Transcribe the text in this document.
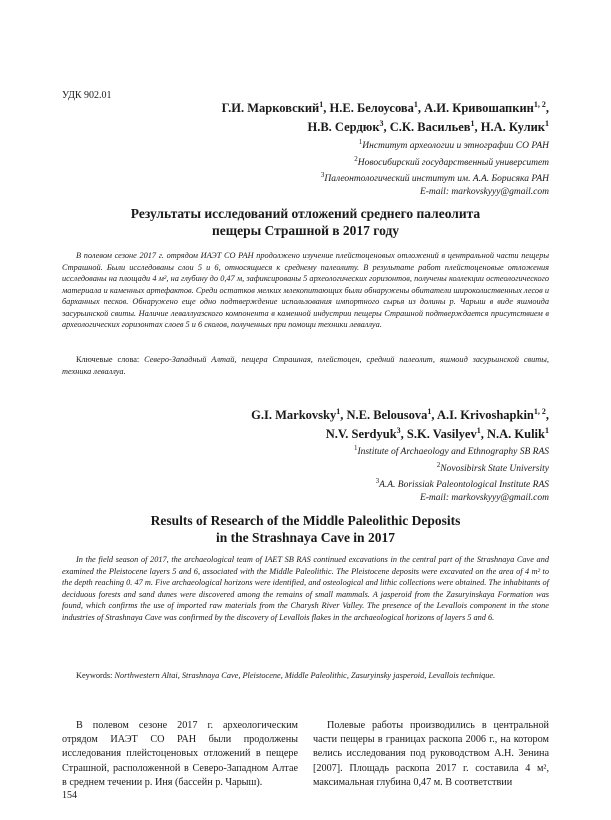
УДК 902.01
Г.И. Марковский$^1$, Н.Е. Белоусова$^1$, А.И. Кривошапкин$^{1, 2}$,
Н.В. Сердюк$^3$, С.К. Васильев$^1$, Н.А. Кулик$^1$
$^1$Институт археологии и этнографии СО РАН
$^2$Новосибирский государственный университет
$^3$Палеонтологический институт им. А.А. Борисяка РАН
E-mail: markovskyyy@gmail.com
Результаты исследований отложений среднего палеолита
пещеры Страшной в 2017 году

В полевом сезоне 2017 г. отрядом ИАЭТ СО РАН продолжено изучение плейстоценовых отложений в центральной части пещеры Страшной. Были исследованы слои 5 и 6, относящиеся к среднему палеолиту. В результате работ плейстоценовые отложения исследованы на площади 4 м², на глубину до 0,47 м, зафиксированы 5 археологических горизонтов, получены коллекции остеологического материала и каменных артефактов. Среди остатков мелких млекопитающих были обнаружены обитатели широколиственных лесов и барханных песков. Обнаружено еще одно подтверждение использования импортного сырья из долины р. Чарыш в виде яшмоида засурьинской свиты. Наличие леваллуазского компонента в каменной индустрии пещеры Страшной подтверждается присутствием в археологических горизонтах слоев 5 и 6 сколов, полученных при помощи техники леваллуа.

Ключевые слова: Северо-Западный Алтай, пещера Страшная, плейстоцен, средний палеолит, яшмоид засурьинской свиты, техника леваллуа.
G.I. Markovsky$^1$, N.E. Belousova$^1$, A.I. Krivoshapkin$^{1, 2}$,
N.V. Serdyuk$^3$, S.K. Vasilyev$^1$, N.A. Kulik$^1$
$^1$Institute of Archaeology and Ethnography SB RAS
$^2$Novosibirsk State University
$^3$A.A. Borissiak Paleontological Institute RAS
E-mail: markovskyyy@gmail.com
Results of Research of the Middle Paleolithic Deposits
in the Strashnaya Cave in 2017

In the field season of 2017, the archaeological team of IAET SB RAS continued excavations in the central part of the Strashnaya Cave and examined the Pleistocene layers 5 and 6, associated with the Middle Paleolithic. The Pleistocene deposits were excavated on the area of 4 m² to the depth reaching 0. 47 m. Five archaeological horizons were identified, and osteological and lithic collections were obtained. The inhabitants of deciduous forests and sand dunes were discovered among the remains of small mammals. A jasperoid from the Zasuryinskaya Formation was found, which confirms the use of imported raw materials from the Charysh River Valley. The presence of the Levallois component in the stone industries of Strashnaya Cave was confirmed by the discovery of Levallois flakes in the archaeological horizons of layers 5 and 6.

Keywords: Northwestern Altai, Strashnaya Cave, Pleistocene, Middle Paleolithic, Zasuryinsky jasperoid, Levallois technique.

В полевом сезоне 2017 г. археологическим отрядом ИАЭТ СО РАН были продолжены исследования плейстоценовых отложений в пещере Страшной, расположенной в Северо-Западном Алтае в среднем течении р. Иня (бассейн р. Чарыш).

Полевые работы производились в центральной части пещеры в границах раскопа 2006 г., на котором велись исследования под руководством А.Н. Зенина [2007]. Площадь раскопа 2017 г. составила 4 м², максимальная глубина 0,47 м. В соответствии

154
